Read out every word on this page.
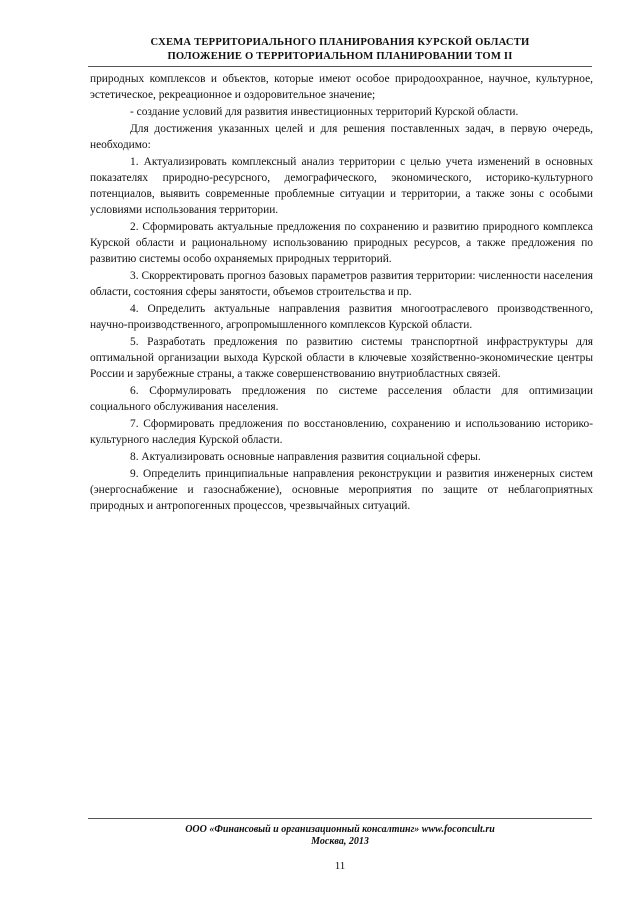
СХЕМА ТЕРРИТОРИАЛЬНОГО ПЛАНИРОВАНИЯ КУРСКОЙ ОБЛАСТИ
ПОЛОЖЕНИЕ О ТЕРРИТОРИАЛЬНОМ ПЛАНИРОВАНИИ ТОМ II

природных комплексов и объектов, которые имеют особое природоохранное, научное, культурное, эстетическое, рекреационное и оздоровительное значение;

- создание условий для развития инвестиционных территорий Курской области.

Для достижения указанных целей и для решения поставленных задач, в первую очередь, необходимо:

1. Актуализировать комплексный анализ территории с целью учета изменений в основных показателях природно-ресурсного, демографического, экономического, историко-культурного потенциалов, выявить современные проблемные ситуации и территории, а также зоны с особыми условиями использования территории.

2. Сформировать актуальные предложения по сохранению и развитию природного комплекса Курской области и рациональному использованию природных ресурсов, а также предложения по развитию системы особо охраняемых природных территорий.

3. Скорректировать прогноз базовых параметров развития территории: численности населения области, состояния сферы занятости, объемов строительства и пр.

4. Определить актуальные направления развития многоотраслевого производственного, научно-производственного, агропромышленного комплексов Курской области.

5. Разработать предложения по развитию системы транспортной инфраструктуры для оптимальной организации выхода Курской области в ключевые хозяйственно-экономические центры России и зарубежные страны, а также совершенствованию внутриобластных связей.

6. Сформулировать предложения по системе расселения области для оптимизации социального обслуживания населения.

7. Сформировать предложения по восстановлению, сохранению и использованию историко-культурного наследия Курской области.

8. Актуализировать основные направления развития социальной сферы.

9. Определить принципиальные направления реконструкции и развития инженерных систем (энергоснабжение и газоснабжение), основные мероприятия по защите от неблагоприятных природных и антропогенных процессов, чрезвычайных ситуаций.

ООО «Финансовый и организационный консалтинг» www.foconcult.ru
Москва, 2013
11
